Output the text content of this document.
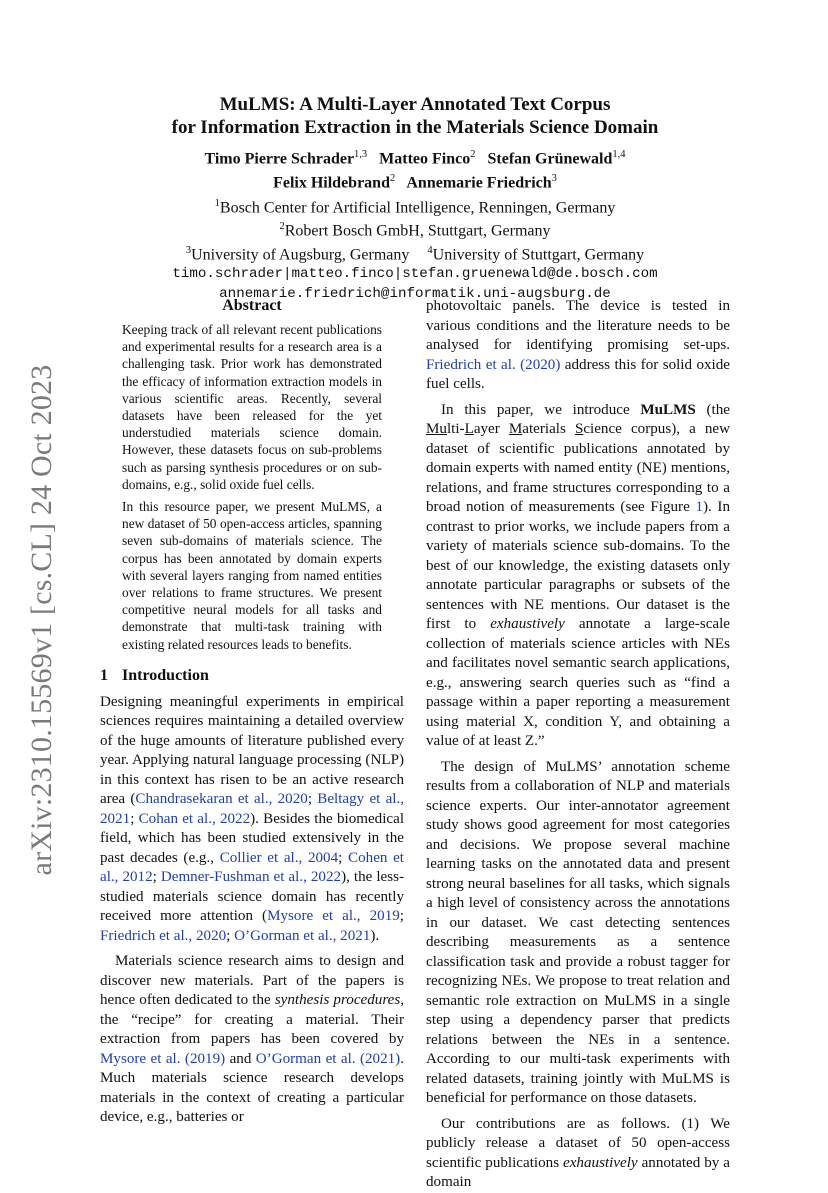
arXiv:2310.15569v1 [cs.CL] 24 Oct 2023
MuLMS: A Multi-Layer Annotated Text Corpus
for Information Extraction in the Materials Science Domain
Timo Pierre Schrader$^{1,3}$ Matteo Finco$^2$ Stefan Grünewald$^{1,4}$
Felix Hildebrand$^2$ Annemarie Friedrich$^3$
$^1$Bosch Center for Artificial Intelligence, Renningen, Germany
$^2$Robert Bosch GmbH, Stuttgart, Germany
$^3$University of Augsburg, Germany $^4$University of Stuttgart, Germany
timo.schrader|matteo.finco|stefan.gruenewald@de.bosch.com
annemarie.friedrich@informatik.uni-augsburg.de
Abstract

Keeping track of all relevant recent publications and experimental results for a research area is a challenging task. Prior work has demonstrated the efficacy of information extraction models in various scientific areas. Recently, several datasets have been released for the yet understudied materials science domain. However, these datasets focus on sub-problems such as parsing synthesis procedures or on sub-domains, e.g., solid oxide fuel cells.

In this resource paper, we present MuLMS, a new dataset of 50 open-access articles, spanning seven sub-domains of materials science. The corpus has been annotated by domain experts with several layers ranging from named entities over relations to frame structures. We present competitive neural models for all tasks and demonstrate that multi-task training with existing related resources leads to benefits.

1 Introduction

Designing meaningful experiments in empirical sciences requires maintaining a detailed overview of the huge amounts of literature published every year. Applying natural language processing (NLP) in this context has risen to be an active research area (Chandrasekaran et al., 2020; Beltagy et al., 2021; Cohan et al., 2022). Besides the biomedical field, which has been studied extensively in the past decades (e.g., Collier et al., 2004; Cohen et al., 2012; Demner-Fushman et al., 2022), the less-studied materials science domain has recently received more attention (Mysore et al., 2019; Friedrich et al., 2020; O’Gorman et al., 2021).

Materials science research aims to design and discover new materials. Part of the papers is hence often dedicated to the synthesis procedures, the “recipe” for creating a material. Their extraction from papers has been covered by Mysore et al. (2019) and O’Gorman et al. (2021). Much materials science research develops materials in the context of creating a particular device, e.g., batteries or

photovoltaic panels. The device is tested in various conditions and the literature needs to be analysed for identifying promising set-ups. Friedrich et al. (2020) address this for solid oxide fuel cells.

In this paper, we introduce MuLMS (the Multi-Layer Materials Science corpus), a new dataset of scientific publications annotated by domain experts with named entity (NE) mentions, relations, and frame structures corresponding to a broad notion of measurements (see Figure 1). In contrast to prior works, we include papers from a variety of materials science sub-domains. To the best of our knowledge, the existing datasets only annotate particular paragraphs or subsets of the sentences with NE mentions. Our dataset is the first to exhaustively annotate a large-scale collection of materials science articles with NEs and facilitates novel semantic search applications, e.g., answering search queries such as “find a passage within a paper reporting a measurement using material X, condition Y, and obtaining a value of at least Z.”

The design of MuLMS’ annotation scheme results from a collaboration of NLP and materials science experts. Our inter-annotator agreement study shows good agreement for most categories and decisions. We propose several machine learning tasks on the annotated data and present strong neural baselines for all tasks, which signals a high level of consistency across the annotations in our dataset. We cast detecting sentences describing measurements as a sentence classification task and provide a robust tagger for recognizing NEs. We propose to treat relation and semantic role extraction on MuLMS in a single step using a dependency parser that predicts relations between the NEs in a sentence. According to our multi-task experiments with related datasets, training jointly with MuLMS is beneficial for performance on those datasets.

Our contributions are as follows. (1) We publicly release a dataset of 50 open-access scientific publications exhaustively annotated by a domain
